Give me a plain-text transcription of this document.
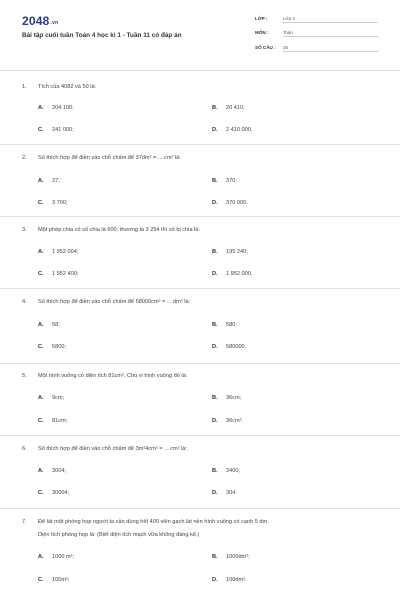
$2048^{.vn}$
Bài tập cuối tuần Toán 4 học kì 1 - Tuần 11 có đáp án
LỚP :	Lớp 4
MÔN :	Toán
SỐ CÂU : 25
1. Tích của 4082 và 50 là:
A. 204 100;	B. 20 410;
C. 241 000;	D. 2 410 000.
2. Số thích hợp để điền vào chỗ chấm để 37dm² = ... cm² là:
A. 37;	B. 370;
C. 3 700;	D. 370 000.
3. Một phép chia có số chia là 600, thương là 3 254 thì số bị chia là:
A. 1 952 004;	B. 195 240;
C. 1 952 400;	D. 1 952 000.
4. Số thích hợp để điền vào chỗ chấm để 58000cm² = ... dm² là:
A. 58;	B. 580;
C. 5800;	D. 580000.
5. Một hình vuông có diện tích 81cm². Chu vi hình vuông đó là:
A. 9cm;	B. 36cm;
C. 81cm;	D. 36cm².
6. Số thích hợp để điền vào chỗ chấm để 3m²4cm² = ... cm² là:
A. 3004;	B. 3400;
C. 30004;	D. 304.
7. Để lát một phòng họp người ta cần dùng hết 400 viên gạch lát nền hình vuông có cạnh 5 dm.
Diện tích phòng họp là: (Biết diện tích mạch vữa không đáng kể.)
A. 1000 m²;	B. 1000dm²;
C. 100m²;	D. 100dm².
